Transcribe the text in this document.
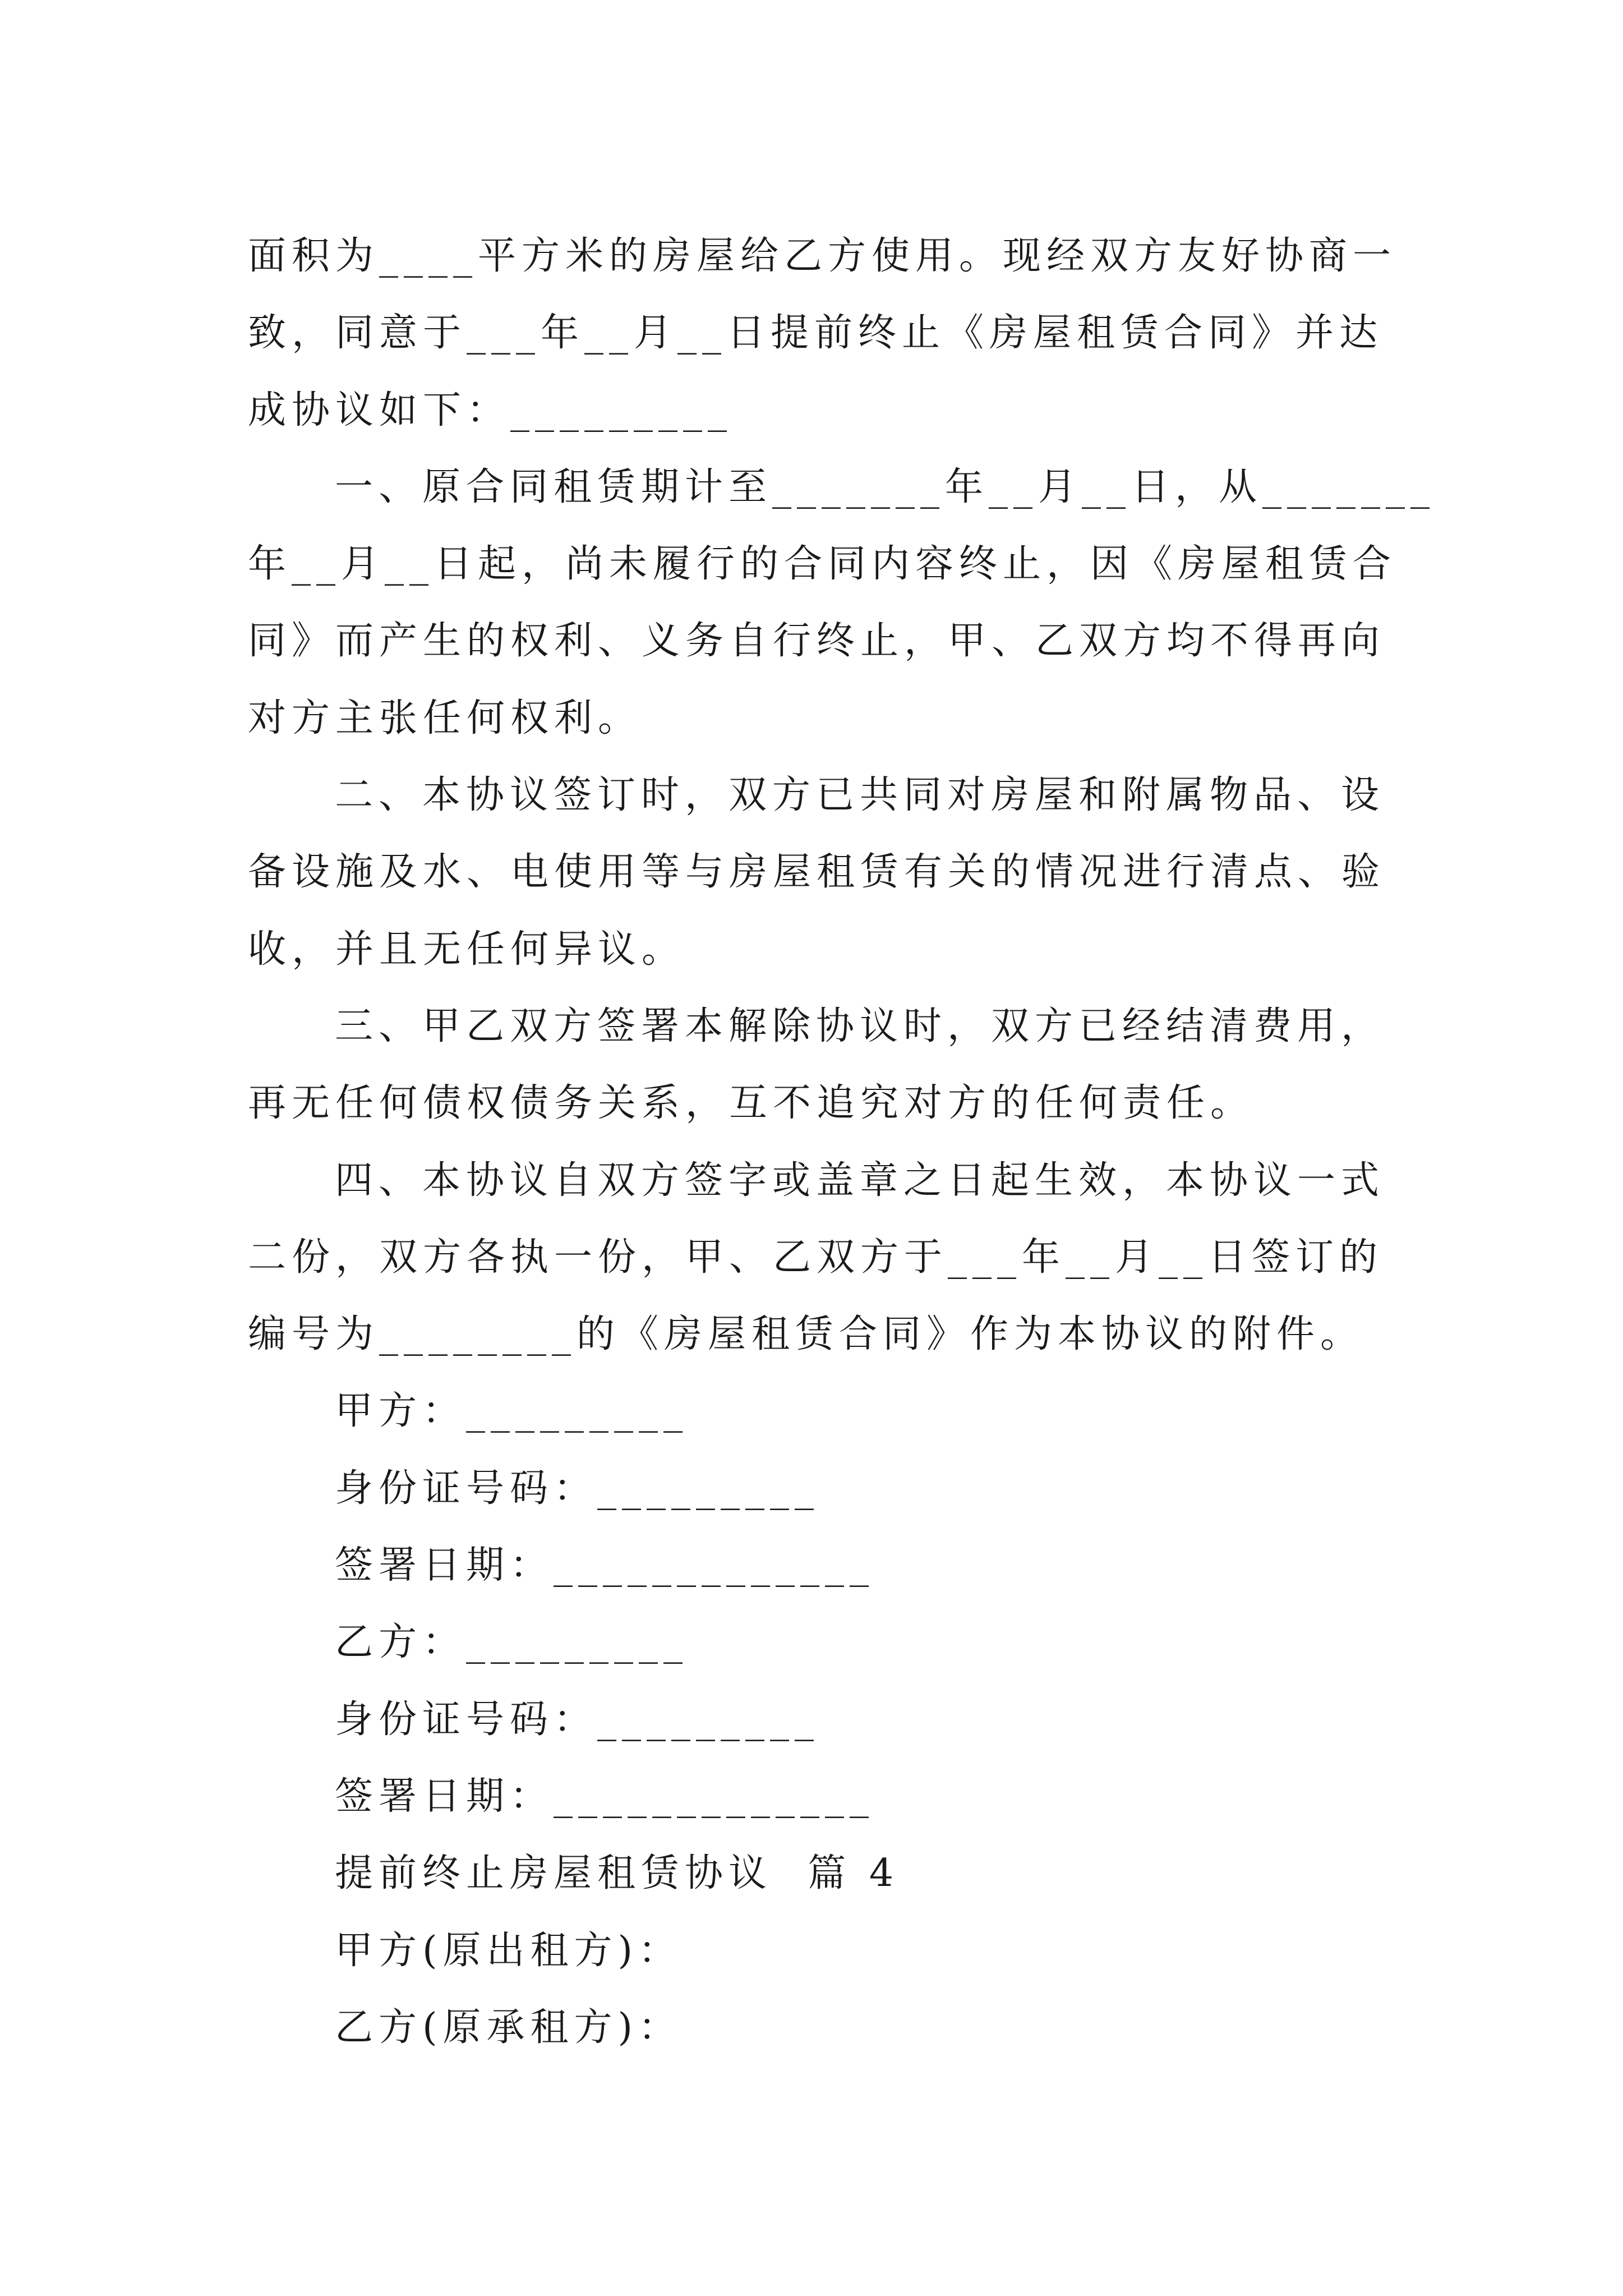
面积为____平方米的房屋给乙方使用。现经双方友好协商一
致，同意于___年__月__日提前终止《房屋租赁合同》并达
成协议如下：_________
一、原合同租赁期计至_______年__月__日，从_______
年__月__日起，尚未履行的合同内容终止，因《房屋租赁合
同》而产生的权利、义务自行终止，甲、乙双方均不得再向
对方主张任何权利。
二、本协议签订时，双方已共同对房屋和附属物品、设
备设施及水、电使用等与房屋租赁有关的情况进行清点、验
收，并且无任何异议。
三、甲乙双方签署本解除协议时，双方已经结清费用，
再无任何债权债务关系，互不追究对方的任何责任。
四、本协议自双方签字或盖章之日起生效，本协议一式
二份，双方各执一份，甲、乙双方于___年__月__日签订的
编号为________的《房屋租赁合同》作为本协议的附件。
甲方：_________
身份证号码：_________
签署日期：_____________
乙方：_________
身份证号码：_________
签署日期：_____________
提前终止房屋租赁协议  篇 4
甲方(原出租方)：
乙方(原承租方)：
